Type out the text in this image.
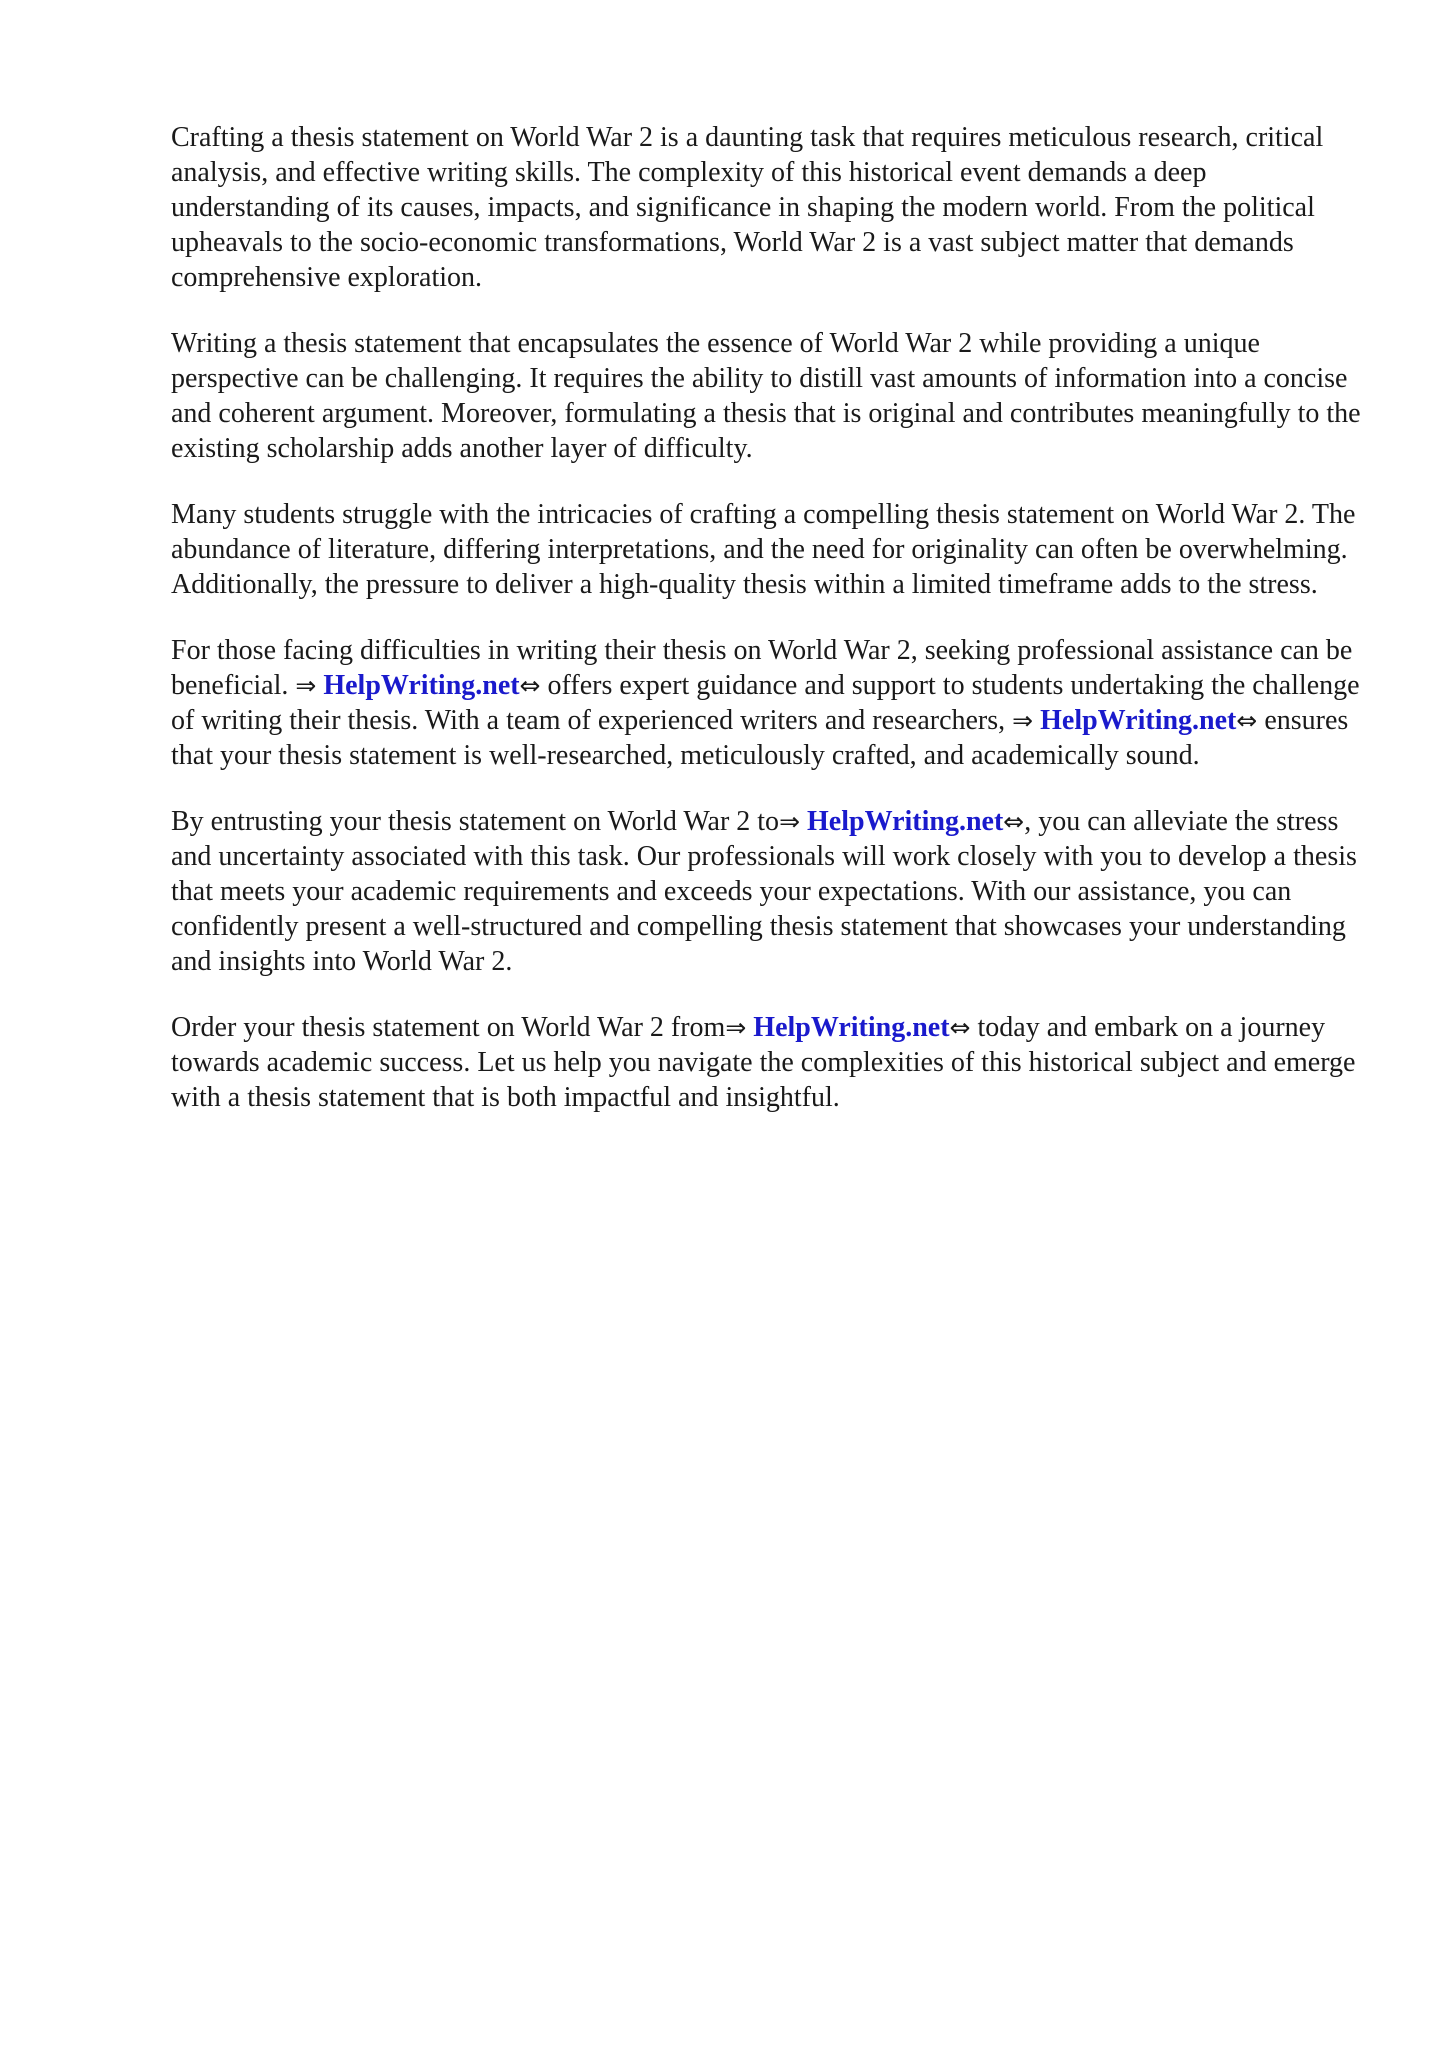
Crafting a thesis statement on World War 2 is a daunting task that requires meticulous research, critical analysis, and effective writing skills. The complexity of this historical event demands a deep understanding of its causes, impacts, and significance in shaping the modern world. From the political upheavals to the socio-economic transformations, World War 2 is a vast subject matter that demands comprehensive exploration.

Writing a thesis statement that encapsulates the essence of World War 2 while providing a unique perspective can be challenging. It requires the ability to distill vast amounts of information into a concise and coherent argument. Moreover, formulating a thesis that is original and contributes meaningfully to the existing scholarship adds another layer of difficulty.

Many students struggle with the intricacies of crafting a compelling thesis statement on World War 2. The abundance of literature, differing interpretations, and the need for originality can often be overwhelming. Additionally, the pressure to deliver a high-quality thesis within a limited timeframe adds to the stress.

For those facing difficulties in writing their thesis on World War 2, seeking professional assistance can be beneficial. ⇒ HelpWriting.net⇔ offers expert guidance and support to students undertaking the challenge of writing their thesis. With a team of experienced writers and researchers, ⇒ HelpWriting.net⇔ ensures that your thesis statement is well-researched, meticulously crafted, and academically sound.

By entrusting your thesis statement on World War 2 to⇒ HelpWriting.net⇔, you can alleviate the stress and uncertainty associated with this task. Our professionals will work closely with you to develop a thesis that meets your academic requirements and exceeds your expectations. With our assistance, you can confidently present a well-structured and compelling thesis statement that showcases your understanding and insights into World War 2.

Order your thesis statement on World War 2 from⇒ HelpWriting.net⇔ today and embark on a journey towards academic success. Let us help you navigate the complexities of this historical subject and emerge with a thesis statement that is both impactful and insightful.
